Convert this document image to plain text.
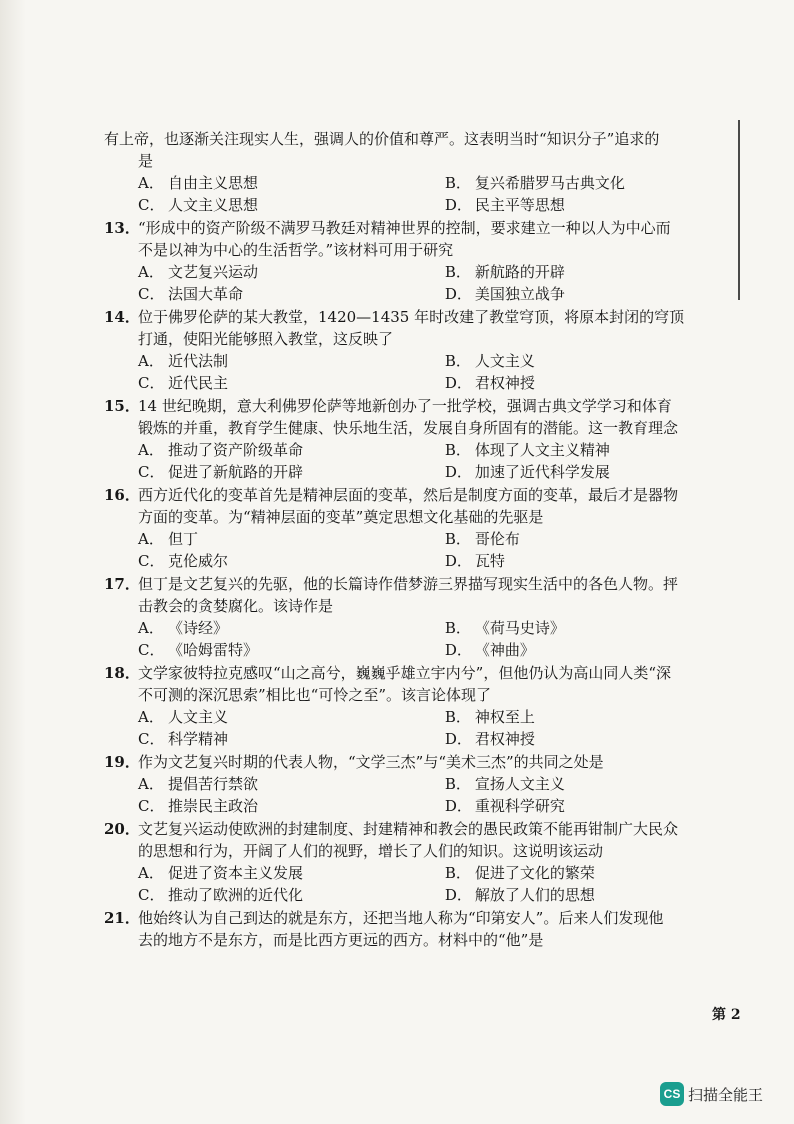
有上帝，也逐渐关注现实人生，强调人的价值和尊严。这表明当时“知识分子”追求的
是
A． 自由主义思想	B． 复兴希腊罗马古典文化
C． 人文主义思想	D． 民主平等思想
13．“形成中的资产阶级不满罗马教廷对精神世界的控制，要求建立一种以人为中心而
不是以神为中心的生活哲学。”该材料可用于研究
A． 文艺复兴运动	B． 新航路的开辟
C． 法国大革命	D． 美国独立战争
14．位于佛罗伦萨的某大教堂，1420—1435 年时改建了教堂穹顶，将原本封闭的穹顶
打通，使阳光能够照入教堂，这反映了
A． 近代法制	B． 人文主义
C． 近代民主	D． 君权神授
15．14 世纪晚期，意大利佛罗伦萨等地新创办了一批学校，强调古典文学学习和体育
锻炼的并重，教育学生健康、快乐地生活，发展自身所固有的潜能。这一教育理念
A． 推动了资产阶级革命	B． 体现了人文主义精神
C． 促进了新航路的开辟	D． 加速了近代科学发展
16．西方近代化的变革首先是精神层面的变革，然后是制度方面的变革，最后才是器物
方面的变革。为“精神层面的变革”奠定思想文化基础的先驱是
A． 但丁	B． 哥伦布
C． 克伦威尔	D． 瓦特
17．但丁是文艺复兴的先驱，他的长篇诗作借梦游三界描写现实生活中的各色人物。抨
击教会的贪婪腐化。该诗作是
A． 《诗经》	B． 《荷马史诗》
C． 《哈姆雷特》	D． 《神曲》
18．文学家彼特拉克感叹“山之高兮，巍巍乎雄立宇内兮”，但他仍认为高山同人类“深
不可测的深沉思索”相比也“可怜之至”。该言论体现了
A． 人文主义	B． 神权至上
C． 科学精神	D． 君权神授
19．作为文艺复兴时期的代表人物，“文学三杰”与“美术三杰”的共同之处是
A． 提倡苦行禁欲	B． 宣扬人文主义
C． 推崇民主政治	D． 重视科学研究
20．文艺复兴运动使欧洲的封建制度、封建精神和教会的愚民政策不能再钳制广大民众
的思想和行为，开阔了人们的视野，增长了人们的知识。这说明该运动
A． 促进了资本主义发展	B． 促进了文化的繁荣
C． 推动了欧洲的近代化	D． 解放了人们的思想
21．他始终认为自己到达的就是东方，还把当地人称为“印第安人”。后来人们发现他
去的地方不是东方，而是比西方更远的西方。材料中的“他”是
第 2
CS 扫描全能王
